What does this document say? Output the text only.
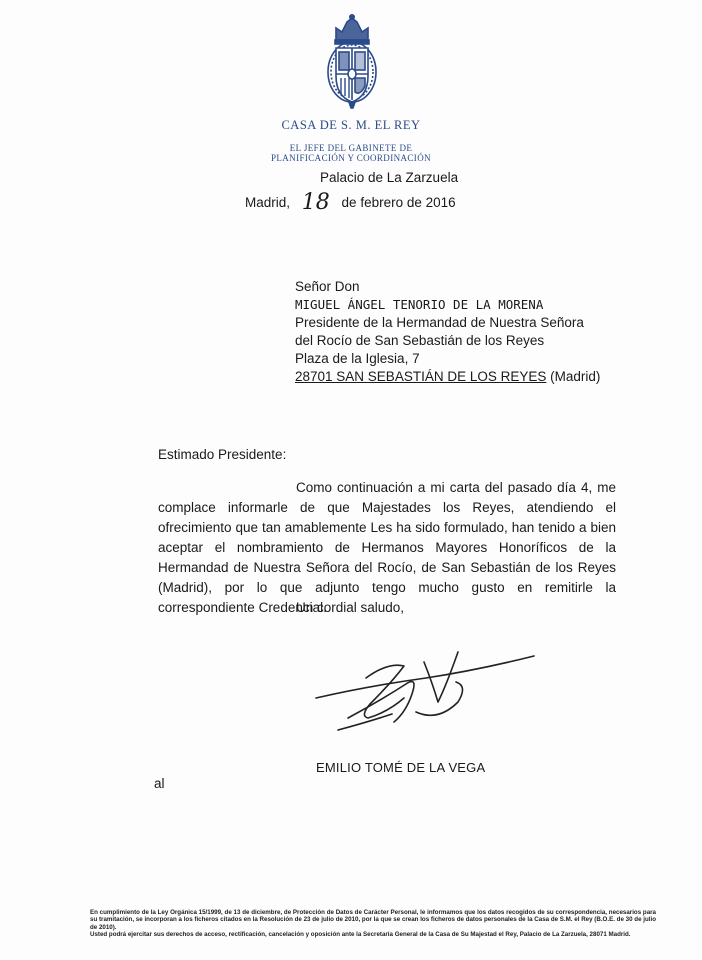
CASA DE S. M. EL REY
EL JEFE DEL GABINETE DE
PLANIFICACIÓN Y COORDINACIÓN
Palacio de La Zarzuela
Madrid, 18 de febrero de 2016
Señor Don
MIGUEL ÁNGEL TENORIO DE LA MORENA
Presidente de la Hermandad de Nuestra Señora
del Rocío de San Sebastián de los Reyes
Plaza de la Iglesia, 7
28701 SAN SEBASTIÁN DE LOS REYES (Madrid)
Estimado Presidente:
Como continuación a mi carta del pasado día 4, me complace informarle de que Majestades los Reyes, atendiendo el ofrecimiento que tan amablemente Les ha sido formulado, han tenido a bien aceptar el nombramiento de Hermanos Mayores Honoríficos de la Hermandad de Nuestra Señora del Rocío, de San Sebastián de los Reyes (Madrid), por lo que adjunto tengo mucho gusto en remitirle la correspondiente Credencial.
Un cordial saludo,
EMILIO TOMÉ DE LA VEGA
al

En cumplimiento de la Ley Orgánica 15/1999, de 13 de diciembre, de Protección de Datos de Carácter Personal, le informamos que los datos recogidos de su correspondencia, necesarios para su tramitación, se incorporan a los ficheros citados en la Resolución de 23 de julio de 2010, por la que se crean los ficheros de datos personales de la Casa de S.M. el Rey (B.O.E. de 30 de julio de 2010).

Usted podrá ejercitar sus derechos de acceso, rectificación, cancelación y oposición ante la Secretaría General de la Casa de Su Majestad el Rey, Palacio de La Zarzuela, 28071 Madrid.
